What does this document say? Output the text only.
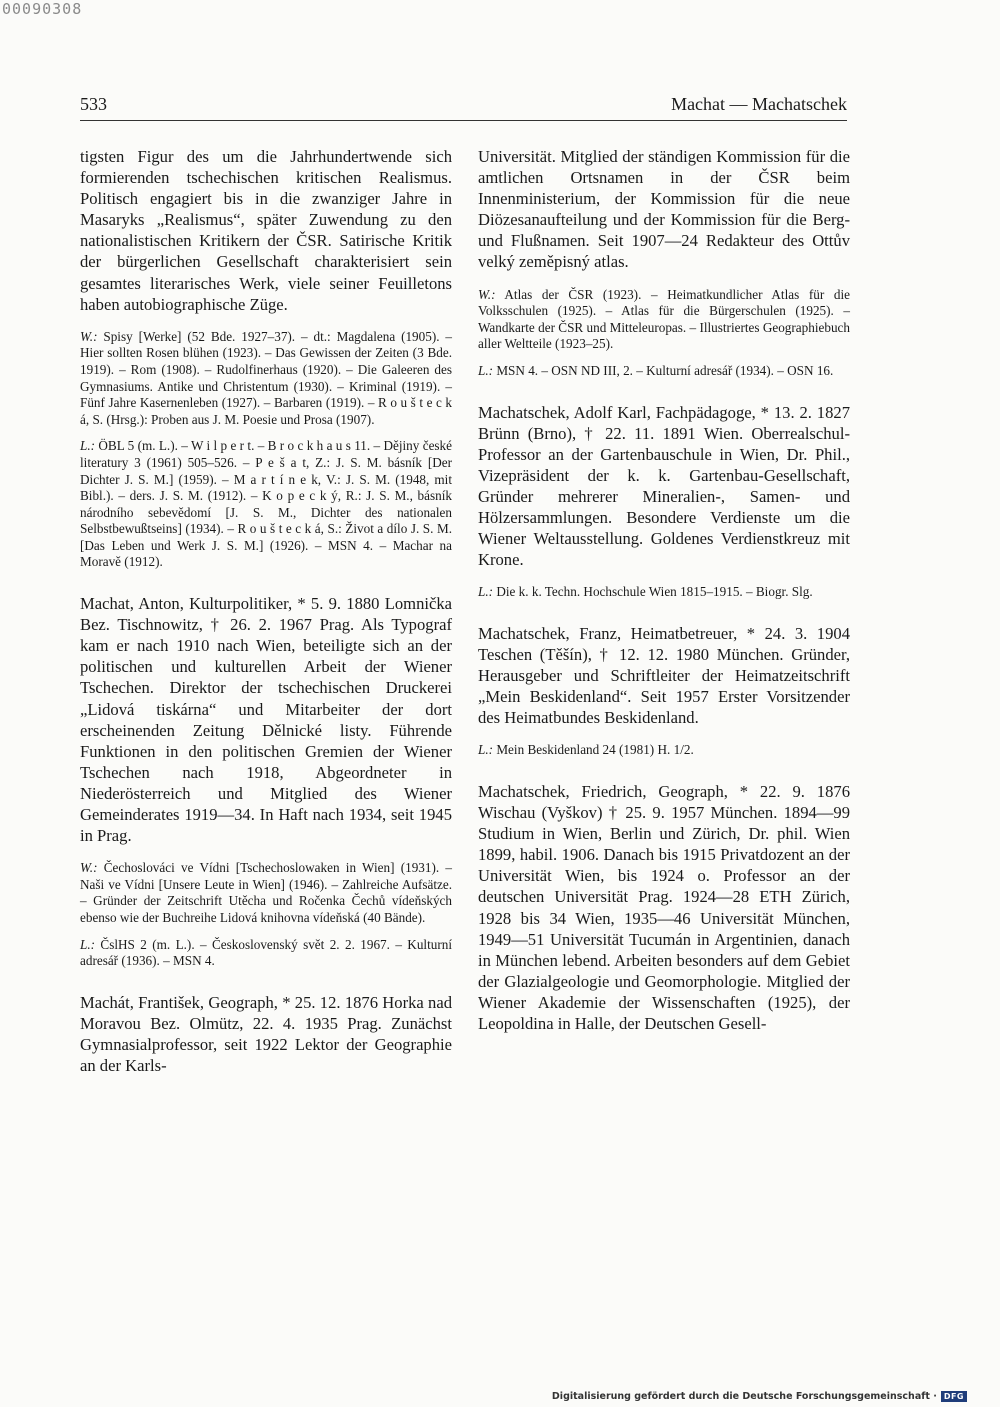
00090308
533	Machat — Machatschek

tigsten Figur des um die Jahrhundertwende sich formierenden tschechischen kritischen Realismus. Politisch engagiert bis in die zwanziger Jahre in Masaryks „Realismus“, später Zuwendung zu den nationalistischen Kritikern der ČSR. Satirische Kritik der bürgerlichen Gesellschaft charakterisiert sein gesamtes literarisches Werk, viele seiner Feuilletons haben autobiographische Züge.

W.: Spisy [Werke] (52 Bde. 1927–37). – dt.: Magdalena (1905). – Hier sollten Rosen blühen (1923). – Das Gewissen der Zeiten (3 Bde. 1919). – Rom (1908). – Rudolfinerhaus (1920). – Die Galeeren des Gymnasiums. Antike und Christentum (1930). – Kriminal (1919). – Fünf Jahre Kasernenleben (1927). – Barbaren (1919). – R o u š t e c k á, S. (Hrsg.): Proben aus J. M. Poesie und Prosa (1907).

L.: ÖBL 5 (m. L.). – W i l p e r t. – B r o c k h a u s 11. – Dějiny české literatury 3 (1961) 505–526. – P e š a t, Z.: J. S. M. básník [Der Dichter J. S. M.] (1959). – M a r t í n e k, V.: J. S. M. (1948, mit Bibl.). – ders. J. S. M. (1912). – K o p e c k ý, R.: J. S. M., básník národního sebevědomí [J. S. M., Dichter des nationalen Selbstbewußtseins] (1934). – R o u š t e c k á, S.: Život a dílo J. S. M. [Das Leben und Werk J. S. M.] (1926). – MSN 4. – Machar na Moravě (1912).

Machat, Anton, Kulturpolitiker, * 5. 9. 1880 Lomnička Bez. Tischnowitz, † 26. 2. 1967 Prag. Als Typograf kam er nach 1910 nach Wien, beteiligte sich an der politischen und kulturellen Arbeit der Wiener Tschechen. Direktor der tschechischen Druckerei „Lidová tiskárna“ und Mitarbeiter der dort erscheinenden Zeitung Dělnické listy. Führende Funktionen in den politischen Gremien der Wiener Tschechen nach 1918, Abgeordneter in Niederösterreich und Mitglied des Wiener Gemeinderates 1919—34. In Haft nach 1934, seit 1945 in Prag.

W.: Čechoslováci ve Vídni [Tschechoslowaken in Wien] (1931). – Naši ve Vídni [Unsere Leute in Wien] (1946). – Zahlreiche Aufsätze. – Gründer der Zeitschrift Utěcha und Ročenka Čechů vídeňských ebenso wie der Buchreihe Lidová knihovna vídeňská (40 Bände).

L.: ČslHS 2 (m. L.). – Československý svět 2. 2. 1967. – Kulturní adresář (1936). – MSN 4.

Machát, František, Geograph, * 25. 12. 1876 Horka nad Moravou Bez. Olmütz, 22. 4. 1935 Prag. Zunächst Gymnasialprofessor, seit 1922 Lektor der Geographie an der Karls-

Universität. Mitglied der ständigen Kommission für die amtlichen Ortsnamen in der ČSR beim Innenministerium, der Kommission für die neue Diözesanaufteilung und der Kommission für die Berg- und Flußnamen. Seit 1907—24 Redakteur des Ottův velký zeměpisný atlas.

W.: Atlas der ČSR (1923). – Heimatkundlicher Atlas für die Volksschulen (1925). – Atlas für die Bürgerschulen (1925). – Wandkarte der ČSR und Mitteleuropas. – Illustriertes Geographiebuch aller Weltteile (1923–25).

L.: MSN 4. – OSN ND III, 2. – Kulturní adresář (1934). – OSN 16.

Machatschek, Adolf Karl, Fachpädagoge, * 13. 2. 1827 Brünn (Brno), † 22. 11. 1891 Wien. Oberrealschul-Professor an der Gartenbauschule in Wien, Dr. Phil., Vizepräsident der k. k. Gartenbau-Gesellschaft, Gründer mehrerer Mineralien-, Samen- und Hölzersammlungen. Besondere Verdienste um die Wiener Weltausstellung. Goldenes Verdienstkreuz mit Krone.

L.: Die k. k. Techn. Hochschule Wien 1815–1915. – Biogr. Slg.

Machatschek, Franz, Heimatbetreuer, * 24. 3. 1904 Teschen (Těšín), † 12. 12. 1980 München. Gründer, Herausgeber und Schriftleiter der Heimatzeitschrift „Mein Beskidenland“. Seit 1957 Erster Vorsitzender des Heimatbundes Beskidenland.

L.: Mein Beskidenland 24 (1981) H. 1/2.

Machatschek, Friedrich, Geograph, * 22. 9. 1876 Wischau (Vyškov) † 25. 9. 1957 München. 1894—99 Studium in Wien, Berlin und Zürich, Dr. phil. Wien 1899, habil. 1906. Danach bis 1915 Privatdozent an der Universität Wien, bis 1924 o. Professor an der deutschen Universität Prag. 1924—28 ETH Zürich, 1928 bis 34 Wien, 1935—46 Universität München, 1949—51 Universität Tucumán in Argentinien, danach in München lebend. Arbeiten besonders auf dem Gebiet der Glazialgeologie und Geomorphologie. Mitglied der Wiener Akademie der Wissenschaften (1925), der Leopoldina in Halle, der Deutschen Gesell-

Digitalisierung gefördert durch die Deutsche Forschungsgemeinschaft · DFG
